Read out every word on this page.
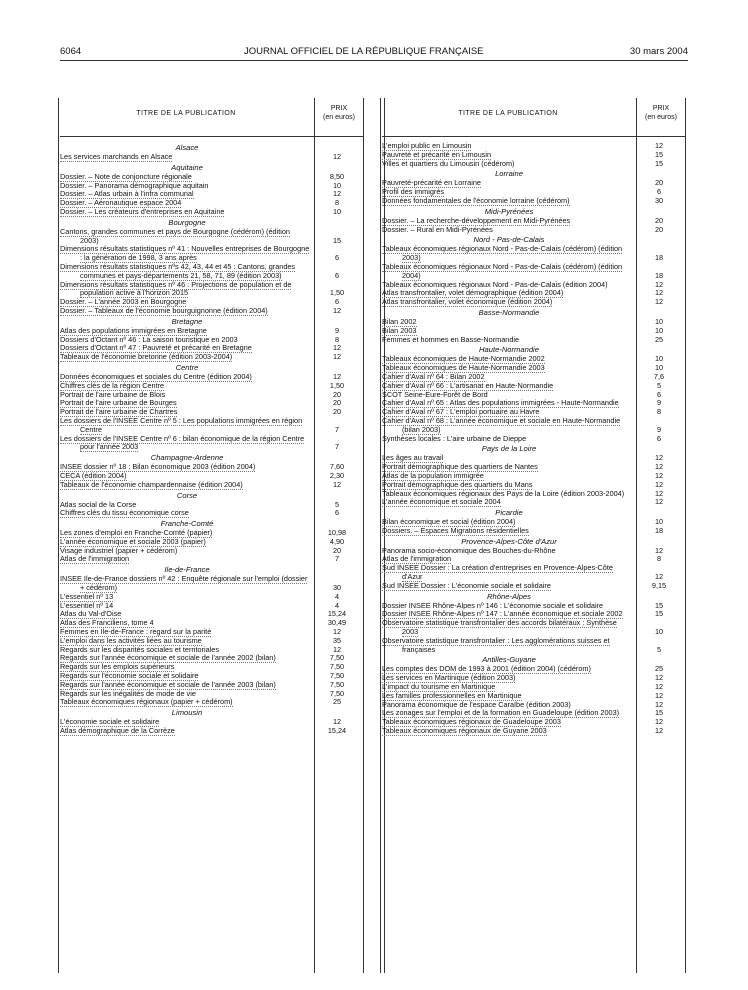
6064	JOURNAL OFFICIEL DE LA RÉPUBLIQUE FRANÇAISE	30 mars 2004
TITRE DE LA PUBLICATION
PRIX
(en euros)
Alsace
Les services marchands en Alsace	12
Aquitaine
Dossier. – Note de conjoncture régionale	8,50
Dossier. – Panorama démographique aquitain	10
Dossier. – Atlas urbain à l'infra communal	12
Dossier. – Aéronautique espace 2004	8
Dossier. – Les créateurs d'entreprises en Aquitaine	10
Bourgogne
Cantons, grandes communes et pays de Bourgogne (cédérom) (édition 2003)	15
Dimensions résultats statistiques nº 41 : Nouvelles entreprises de Bourgogne : la génération de 1998, 3 ans après	6
Dimensions résultats statistiques nºs 42, 43, 44 et 45 : Cantons, grandes communes et pays-départements 21, 58, 71, 89 (édition 2003)	6
Dimensions résultats statistiques nº 46 : Projections de population et de population active à l'horizon 2015	1,50
Dossier. – L'année 2003 en Bourgogne	6
Dossier. – Tableaux de l'économie bourguignonne (édition 2004)	12
Bretagne
Atlas des populations immigrées en Bretagne	9
Dossiers d'Octant nº 46 : La saison touristique en 2003	8
Dossiers d'Octant nº 47 : Pauvreté et précarité en Bretagne	12
Tableaux de l'économie bretonne (édition 2003-2004)	12
Centre
Données économiques et sociales du Centre (édition 2004)	12
Chiffres clés de la région Centre	1,50
Portrait de l'aire urbaine de Blois	20
Portrait de l'aire urbaine de Bourges	20
Portrait de l'aire urbaine de Chartres	20
Les dossiers de l'INSEE Centre nº 5 : Les populations immigrées en région Centre	7
Les dossiers de l'INSEE Centre nº 6 : bilan économique de la région Centre pour l'année 2003	7
Champagne-Ardenne
INSEE dossier nº 18 : Bilan économique 2003 (édition 2004)	7,60
CECA (édition 2004)	2,30
Tableaux de l'économie champardennaise (édition 2004)	12
Corse
Atlas social de la Corse	5
Chiffres clés du tissu économique corse	6
Franche-Comté
Les zones d'emploi en Franche-Comté (papier)	10,98
L'année économique et sociale 2003 (papier)	4,90
Visage industriel (papier + cédérom)	20
Atlas de l'immigration	7
Ile-de-France
INSEE Ile-de-France dossiers nº 42 : Enquête régionale sur l'emploi (dossier + cédérom)	30
L'essentiel nº 13	4
L'essentiel nº 14	4
Atlas du Val-d'Oise	15,24
Atlas des Franciliens, tome 4	30,49
Femmes en Ile-de-France : regard sur la parité	12
L'emploi dans les activités liées au tourisme	35
Regards sur les disparités sociales et territoriales	12
Regards sur l'année économique et sociale de l'année 2002 (bilan)	7,50
Regards sur les emplois supérieurs	7,50
Regards sur l'économie sociale et solidaire	7,50
Regards sur l'année économique et sociale de l'année 2003 (bilan)	7,50
Regards sur les inégalités de mode de vie	7,50
Tableaux économiques régionaux (papier + cédérom)	25
Limousin
L'économie sociale et solidaire	12
Atlas démographique de la Corrèze	15,24
TITRE DE LA PUBLICATION
PRIX
(en euros)
L'emploi public en Limousin	12
Pauvreté et précarité en Limousin	15
Villes et quartiers du Limousin (cédérom)	15
Lorraine
Pauvreté-précarité en Lorraine	20
Profil des immigrés	6
Données fondamentales de l'économie lorraine (cédérom)	30
Midi-Pyrénées
Dossier. – La recherche-développement en Midi-Pyrénées	20
Dossier. – Rural en Midi-Pyrénées	20
Nord - Pas-de-Calais
Tableaux économiques régionaux Nord - Pas-de-Calais (cédérom) (édition 2003)	18
Tableaux économiques régionaux Nord - Pas-de-Calais (cédérom) (édition 2004)	18
Tableaux économiques régionaux Nord - Pas-de-Calais (édition 2004)	12
Atlas transfrontalier, volet démographique (édition 2004)	12
Atlas transfrontalier, volet économique (édition 2004)	12
Basse-Normandie
Bilan 2002	10
Bilan 2003	10
Femmes et hommes en Basse-Normandie	25
Haute-Normandie
Tableaux économiques de Haute-Normandie 2002	10
Tableaux économiques de Haute-Normandie 2003	10
Cahier d'Aval nº 64 : Bilan 2002	7,6
Cahier d'Aval nº 66 : L'artisanat en Haute-Normandie	5
SCOT Seine-Eure-Forêt de Bord	6
Cahier d'Aval nº 65 : Atlas des populations immigrées - Haute-Normandie	9
Cahier d'Aval nº 67 : L'emploi portuaire au Havre	8
Cahier d'Aval nº 68 : L'année économique et sociale en Haute-Normandie (bilan 2003)	9
Synthèses locales : L'aire urbaine de Dieppe	6
Pays de la Loire
Les âges au travail	12
Portrait démographique des quartiers de Nantes	12
Atlas de la population immigrée	12
Portrait démographique des quartiers du Mans	12
Tableaux économiques régionaux des Pays de la Loire (édition 2003-2004)	12
L'année économique et sociale 2004	12
Picardie
Bilan économique et social (édition 2004)	10
Dossiers. – Espaces Migrations résidentielles	18
Provence-Alpes-Côte d'Azur
Panorama socio-économique des Bouches-du-Rhône	12
Atlas de l'immigration	8
Sud INSEE Dossier : La création d'entreprises en Provence-Alpes-Côte d'Azur	12
Sud INSEE Dossier : L'économie sociale et solidaire	9,15
Rhône-Alpes
Dossier INSEE Rhône-Alpes nº 146 : L'économie sociale et solidaire	15
Dossier INSEE Rhône-Alpes nº 147 : L'année économique et sociale 2002	15
Observatoire statistique transfrontalier des accords bilatéraux : Synthèse 2003	10
Observatoire statistique transfrontalier : Les agglomérations suisses et françaises	5
Antilles-Guyane
Les comptes des DOM de 1993 à 2001 (édition 2004) (cédérom)	25
Les services en Martinique (édition 2003)	12
L'impact du tourisme en Martinique	12
Les familles professionnelles en Martinique	12
Panorama économique de l'espace Caraïbe (édition 2003)	12
Les zonages sur l'emploi et de la formation en Guadeloupe (édition 2003)	15
Tableaux économiques régionaux de Guadeloupe 2003	12
Tableaux économiques régionaux de Guyane 2003	12
